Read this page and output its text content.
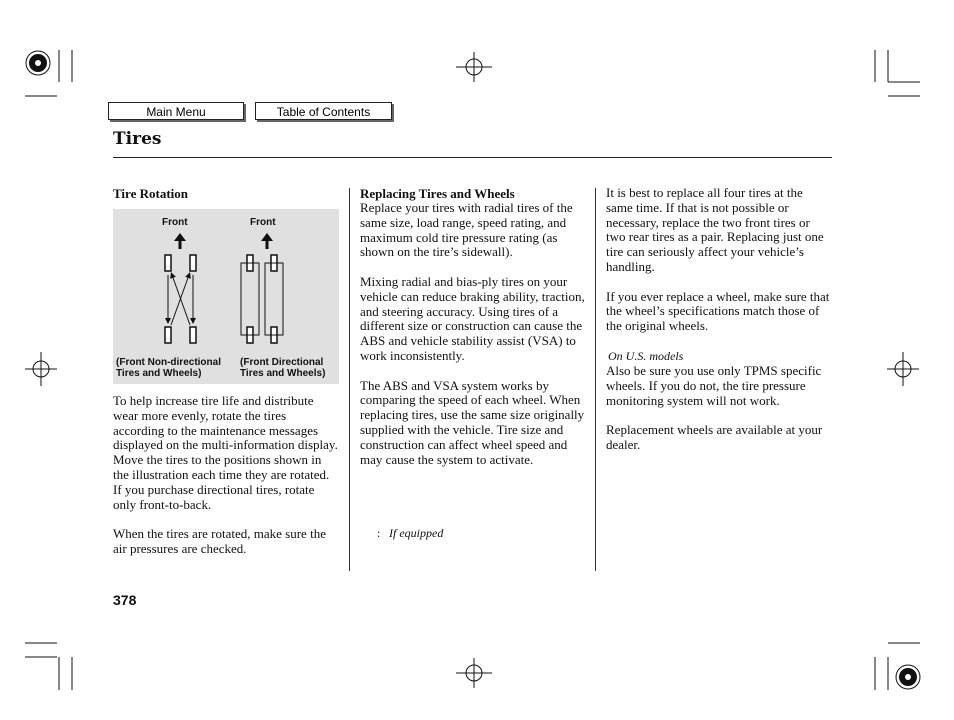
Main Menu	Table of Contents
Tires
Tire Rotation
Front	Front
(Front Non-directional Tires and Wheels)
(Front Directional Tires and Wheels)

To help increase tire life and distribute wear more evenly, rotate the tires according to the maintenance messages displayed on the multi-information display. Move the tires to the positions shown in the illustration each time they are rotated. If you purchase directional tires, rotate only front-to-back.

When the tires are rotated, make sure the air pressures are checked.

Replacing Tires and Wheels

Replace your tires with radial tires of the same size, load range, speed rating, and maximum cold tire pressure rating (as shown on the tire’s sidewall).

Mixing radial and bias-ply tires on your vehicle can reduce braking ability, traction, and steering accuracy. Using tires of a different size or construction can cause the ABS and vehicle stability assist (VSA) to work inconsistently.

The ABS and VSA system works by comparing the speed of each wheel. When replacing tires, use the same size originally supplied with the vehicle. Tire size and construction can affect wheel speed and may cause the system to activate.

: If equipped

It is best to replace all four tires at the same time. If that is not possible or necessary, replace the two front tires or two rear tires as a pair. Replacing just one tire can seriously affect your vehicle’s handling.

If you ever replace a wheel, make sure that the wheel’s specifications match those of the original wheels.

On U.S. models

Also be sure you use only TPMS specific wheels. If you do not, the tire pressure monitoring system will not work.

Replacement wheels are available at your dealer.

378
